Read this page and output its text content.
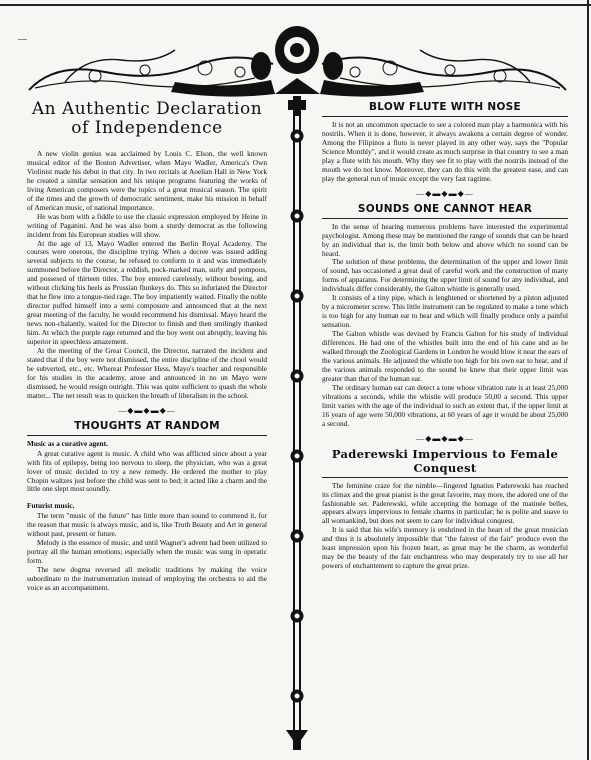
—
An Authentic Declaration
of Independence

A new violin genius was acclaimed by Louis C. Elson, the well known musical editor of the Boston Advertiser, when Mayo Wadler, America's Own Violinist made his debut in that city. In two recitals at Aoelian Hall in New York he created a similar sensation and his unique programs featuring the works of living American composers were the topics of a great musical season. The spirit of the times and the growth of democratic sentiment, make his mission in behalf of American music, of national importance.

He was born with a fiddle to use the classic expression employed by Heine in writing of Paganini. And he was also born a sturdy democrat as the following incident from his European studies will show.

At the age of 13, Mayo Wadler entered the Berlin Royal Academy. The courses were onerous, the discipline trying. When a decree was issued adding several subjects to the course, he refused to conform to it and was immediately summoned before the Director, a reddish, pock-marked man, surly and pompous, and possesed of thirteen titles. The boy entered carelessly, without bowing, and without clicking his heels as Prussian flunkeys do. This so infuriated the Director that he flew into a tongue-tied rage. The boy impatiently waited. Finally the noble director puffed himself into a semi composure and announced that at the next great meeting of the faculty, he would recommend his dismissal. Mayo heard the news non-chalantly, waited for the Director to finish and then smilingly thanked him. At which the purple rage returned and the boy went out abruptly, leaving his superior in speechless amazement.

At the meeting of the Great Council, the Director, narrated the incident and stated that if the boy were not dismissed, the entire discipline of the chool would be subverted, etc., etc. Whereat Professor Hess, Mayo's teacher and responsible for his studies in the academy, arose and announced in no un Mayo were dismissed, he would resign outright. This was quite sufficient to quash the whole matter... The net result was to quicken the breath of liberalism in the school.

—◆▬◆▬◆—
THOUGHTS AT RANDOM
Music as a curative agent.

A great curative agent is music. A child who was afflicted since about a year with fits of epilepsy, being too nervous to sleep, the physician, who was a great lover of music decided to try a new remedy. He ordered the mother to play Chopin waltzes just before the child was sent to bed; it acted like a charm and the little one slept most soundly.

Futurist music.

The term "music of the future" has little more than sound to commend it, for the reason that music is always music, and is, like Truth Beauty and Art in general without past, present or future.

Melody is the essence of music, and until Wagner's advent had been utilized to portray all the human emotions; especially when the music was sung in operatic form.

The new dogma reversed all melodic traditions by making the voice subordinate to the instrumentation instead of employing the orchestra to aid the voice as an accompaniment.

BLOW FLUTE WITH NOSE

It is not an uncommon spectacle to see a colored man play a harmonica with his nostrils. When it is done, however, it always awakens a certain degree of wonder. Among the Filipinos a fluto is never played in any other way, says the "Popular Science Monthly", and it would create as much surprise in that country to see a man play a flute with his mouth. Why they see fit to play with the nostrils instead of the mouth we do not know. Moreover, they can do this with the greatest ease, and can play the general run of music except the very fast ragtime.

—◆▬◆▬◆—
SOUNDS ONE CANNOT HEAR

In the sense of hearing numerous problems have interested the experimental psychologist. Among these may be mentioned the range of sounds that can be heard by an individual that is, the limit both below and above which no sound can be heard.

The solution of these problems, the determination of the upper and lower limit of sound, has occasioned a great deal of careful work and the construction of many forms of apparatus. For determining the upper limit of sound for any individual, and individuals differ considerably, the Galton whistle is generally used.

It consists of a tiny pipe, which is lenghtened or shortened by a piston adjusted by a micrometer screw. This little instrument can be regulated to make a tone which is too high for any human ear to hear and which will finally produce only a painful sensation.

The Galton whistle was devised by Francis Galton for his study of individual differences. He had one of the whistles built into the end of his cane and as he walked through the Zoological Gardens in London he would blow it near the ears of the various animals. He adjusted the whistle too high for his own ear to hear, and if the various animals responded to the sound he knew that their upper limit was greater than that of the human ear.

The ordinary human ear can detect a tone whose vibration rate is at least 25,000 vibrations a seconds, while the whistle will produce 50,00 a second. This upper limit varies with the age of the individual to such an extent that, if the upper limit at 16 years of age were 50,000 vibrations, at 60 years of age it would be about 25,000 a second.

—◆▬◆▬◆—
Paderewski Impervious to Female Conquest

The feminine craze for the nimble—fingered Ignatius Paderewski has reached its climax and the great pianist is the great favorite, may more, the adored one of the fashionable set. Paderewski, while accepting the homage of the matinée belles, appears always impervious to female charms in particular; he is polite and suave to all womankind, but does not seem to care for individual conquest.

It is said that his wife's memory is enshrined in the heart of the great musician and thus it is absolutely impossible that "the fairest of the fair" produce even the least impression upon his frozen heart, as great may be the charm, as wonderful may be the beauty of the fair enchantress who may desperately try to use all her powers of enchantement to capture the great prize.
